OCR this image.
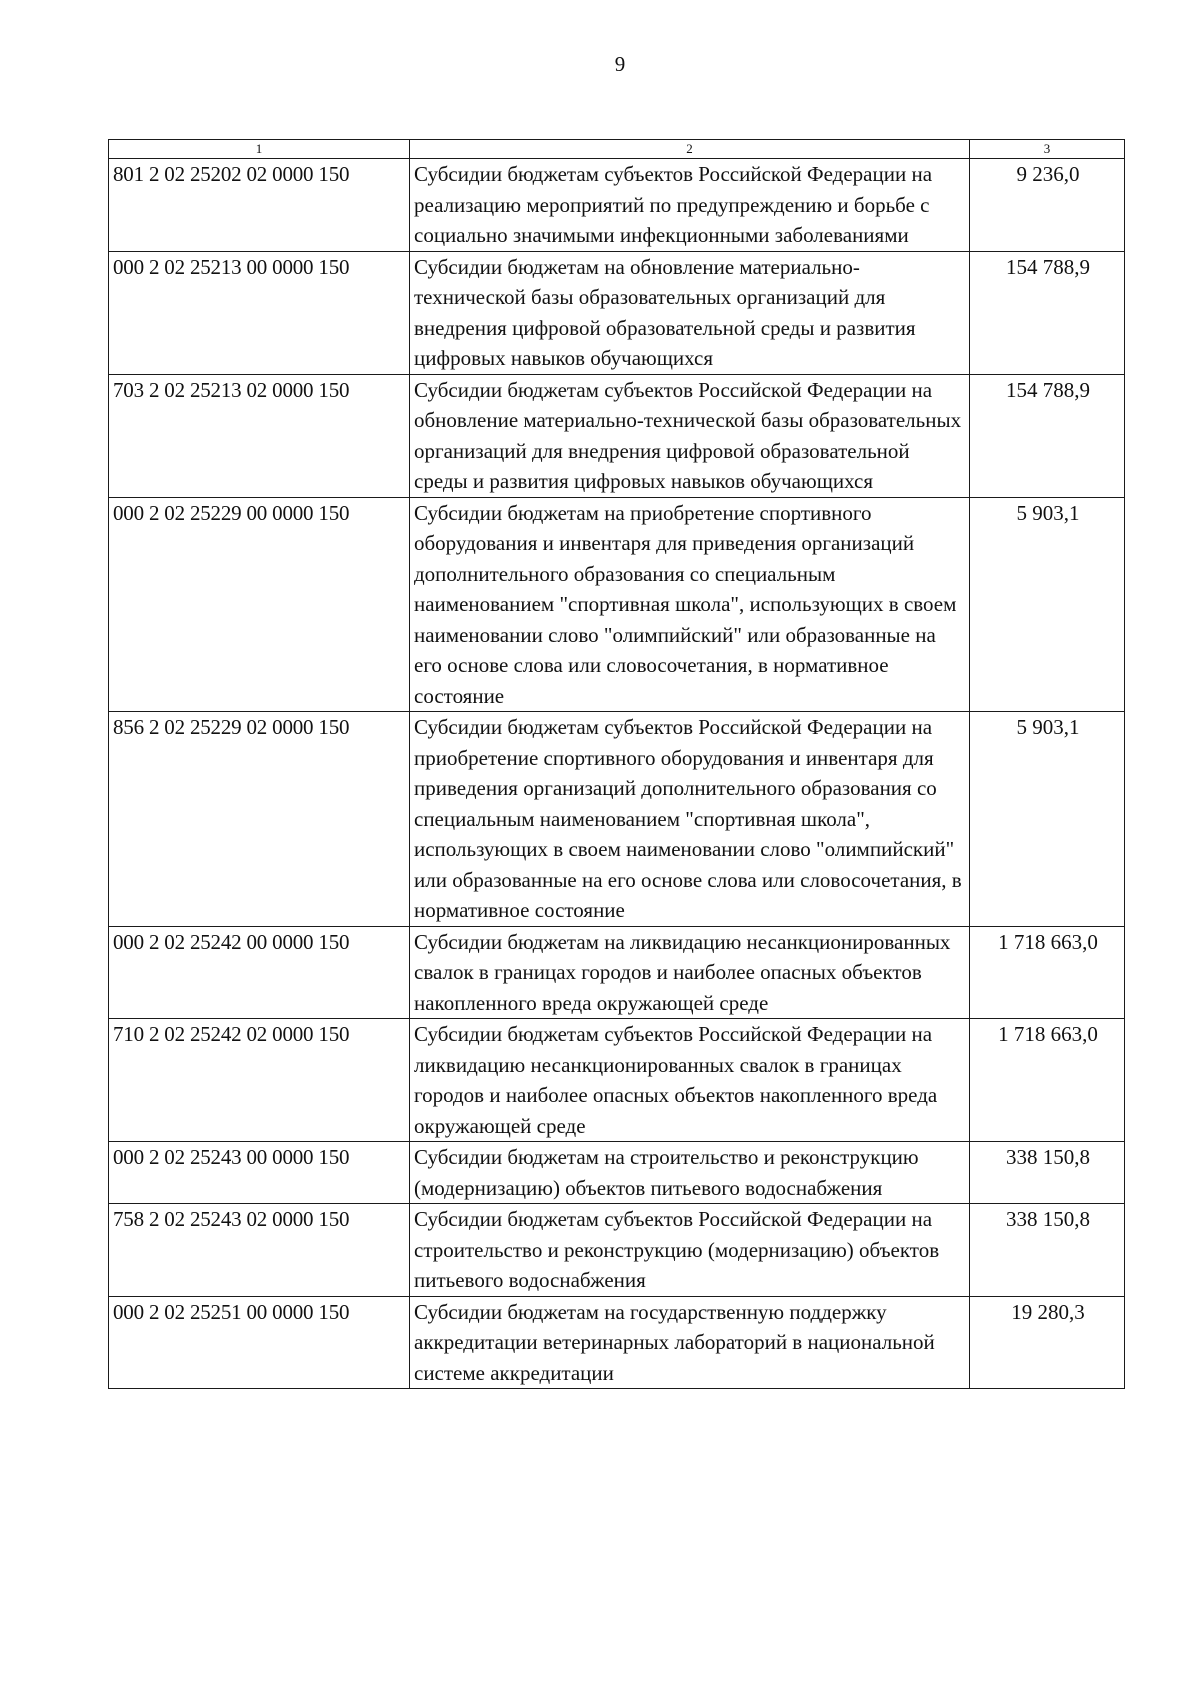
9
1	2	3
801 2 02 25202 02 0000 150	Субсидии бюджетам субъектов Российской Федерации на реализацию мероприятий по предупреждению и борьбе с социально значимыми инфекционными заболеваниями	9 236,0
000 2 02 25213 00 0000 150	Субсидии бюджетам на обновление материально-технической базы образовательных организаций для внедрения цифровой образовательной среды и развития цифровых навыков обучающихся	154 788,9
703 2 02 25213 02 0000 150	Субсидии бюджетам субъектов Российской Федерации на обновление материально-технической базы образовательных организаций для внедрения цифровой образовательной среды и развития цифровых навыков обучающихся	154 788,9
000 2 02 25229 00 0000 150	Субсидии бюджетам на приобретение спортивного оборудования и инвентаря для приведения организаций дополнительного образования со специальным наименованием "спортивная школа", использующих в своем наименовании слово "олимпийский" или образованные на его основе слова или словосочетания, в нормативное состояние	5 903,1
856 2 02 25229 02 0000 150	Субсидии бюджетам субъектов Российской Федерации на приобретение спортивного оборудования и инвентаря для приведения организаций дополнительного образования со специальным наименованием "спортивная школа", использующих в своем наименовании слово "олимпийский" или образованные на его основе слова или словосочетания, в нормативное состояние	5 903,1
000 2 02 25242 00 0000 150	Субсидии бюджетам на ликвидацию несанкционированных свалок в границах городов и наиболее опасных объектов накопленного вреда окружающей среде	1 718 663,0
710 2 02 25242 02 0000 150	Субсидии бюджетам субъектов Российской Федерации на ликвидацию несанкционированных свалок в границах городов и наиболее опасных объектов накопленного вреда окружающей среде	1 718 663,0
000 2 02 25243 00 0000 150	Субсидии бюджетам на строительство и реконструкцию (модернизацию) объектов питьевого водоснабжения	338 150,8
758 2 02 25243 02 0000 150	Субсидии бюджетам субъектов Российской Федерации на строительство и реконструкцию (модернизацию) объектов питьевого водоснабжения	338 150,8
000 2 02 25251 00 0000 150	Субсидии бюджетам на государственную поддержку аккредитации ветеринарных лабораторий в национальной системе аккредитации	19 280,3
